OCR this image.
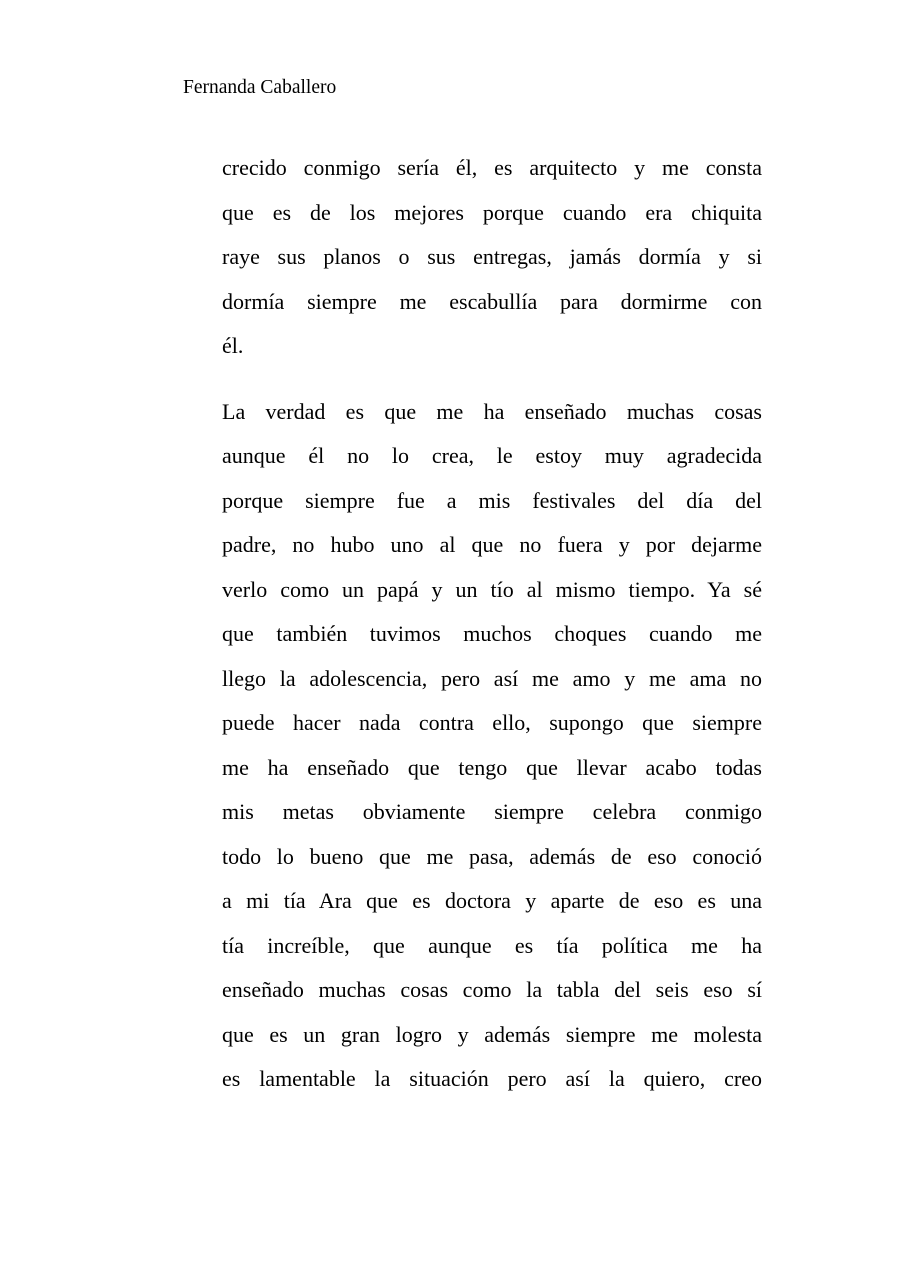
Fernanda Caballero
crecido conmigo sería él, es arquitecto y me consta
que es de los mejores porque cuando era chiquita
raye sus planos o sus entregas, jamás dormía y si
dormía siempre me escabullía para dormirme con
él.
La verdad es que me ha enseñado muchas cosas
aunque él no lo crea, le estoy muy agradecida
porque siempre fue a mis festivales del día del
padre, no hubo uno al que no fuera y por dejarme
verlo como un papá y un tío al mismo tiempo. Ya sé
que también tuvimos muchos choques cuando me
llego la adolescencia, pero así me amo y me ama no
puede hacer nada contra ello, supongo que siempre
me ha enseñado que tengo que llevar acabo todas
mis metas obviamente siempre celebra conmigo
todo lo bueno que me pasa, además de eso conoció
a mi tía Ara que es doctora y aparte de eso es una
tía increíble, que aunque es tía política me ha
enseñado muchas cosas como la tabla del seis eso sí
que es un gran logro y además siempre me molesta
es lamentable la situación pero así la quiero, creo
